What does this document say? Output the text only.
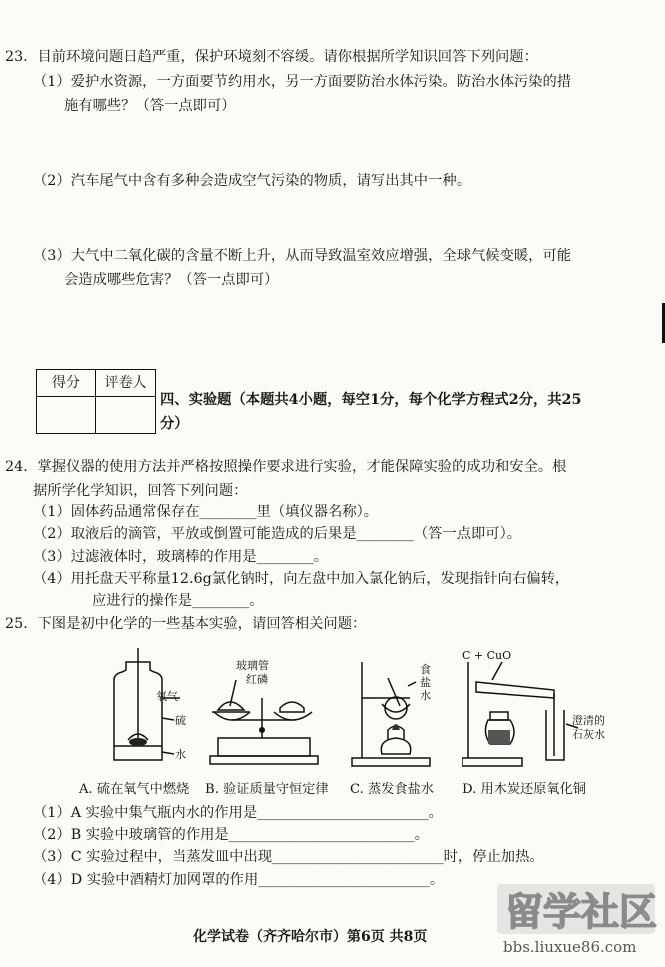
23．目前环境问题日趋严重，保护环境刻不容缓。请你根据所学知识回答下列问题：
（1）爱护水资源，一方面要节约用水，另一方面要防治水体污染。防治水体污染的措
施有哪些？（答一点即可）
（2）汽车尾气中含有多种会造成空气污染的物质，请写出其中一种。
（3）大气中二氧化碳的含量不断上升，从而导致温室效应增强，全球气候变暖，可能
会造成哪些危害？（答一点即可）
得分	评卷人
四、实验题（本题共4小题，每空1分，每个化学方程式2分，共25
分）
24．掌握仪器的使用方法并严格按照操作要求进行实验，才能保障实验的成功和安全。根
据所学化学知识，回答下列问题：
（1）固体药品通常保存在________里（填仪器名称）。
（2）取液后的滴管，平放或倒置可能造成的后果是________（答一点即可）。
（3）过滤液体时，玻璃棒的作用是________。
（4）用托盘天平称量12.6g氯化钠时，向左盘中加入氯化钠后，发现指针向右偏转，
应进行的操作是________。
25．下图是初中化学的一些基本实验，请回答相关问题：
氧气
硫
水
玻璃管
红磷
食
盐
水
C + CuO
澄清的
石灰水
A. 硫在氧气中燃烧 B. 验证质量守恒定律 C. 蒸发食盐水 D. 用木炭还原氧化铜
（1）A 实验中集气瓶内水的作用是________________________。
（2）B 实验中玻璃管的作用是__________________________。
（3）C 实验过程中，当蒸发皿中出现________________________时，停止加热。
（4）D 实验中酒精灯加网罩的作用________________________。
化学试卷（齐齐哈尔市）第6页 共8页
留学社区
bbs.liuxue86.com
